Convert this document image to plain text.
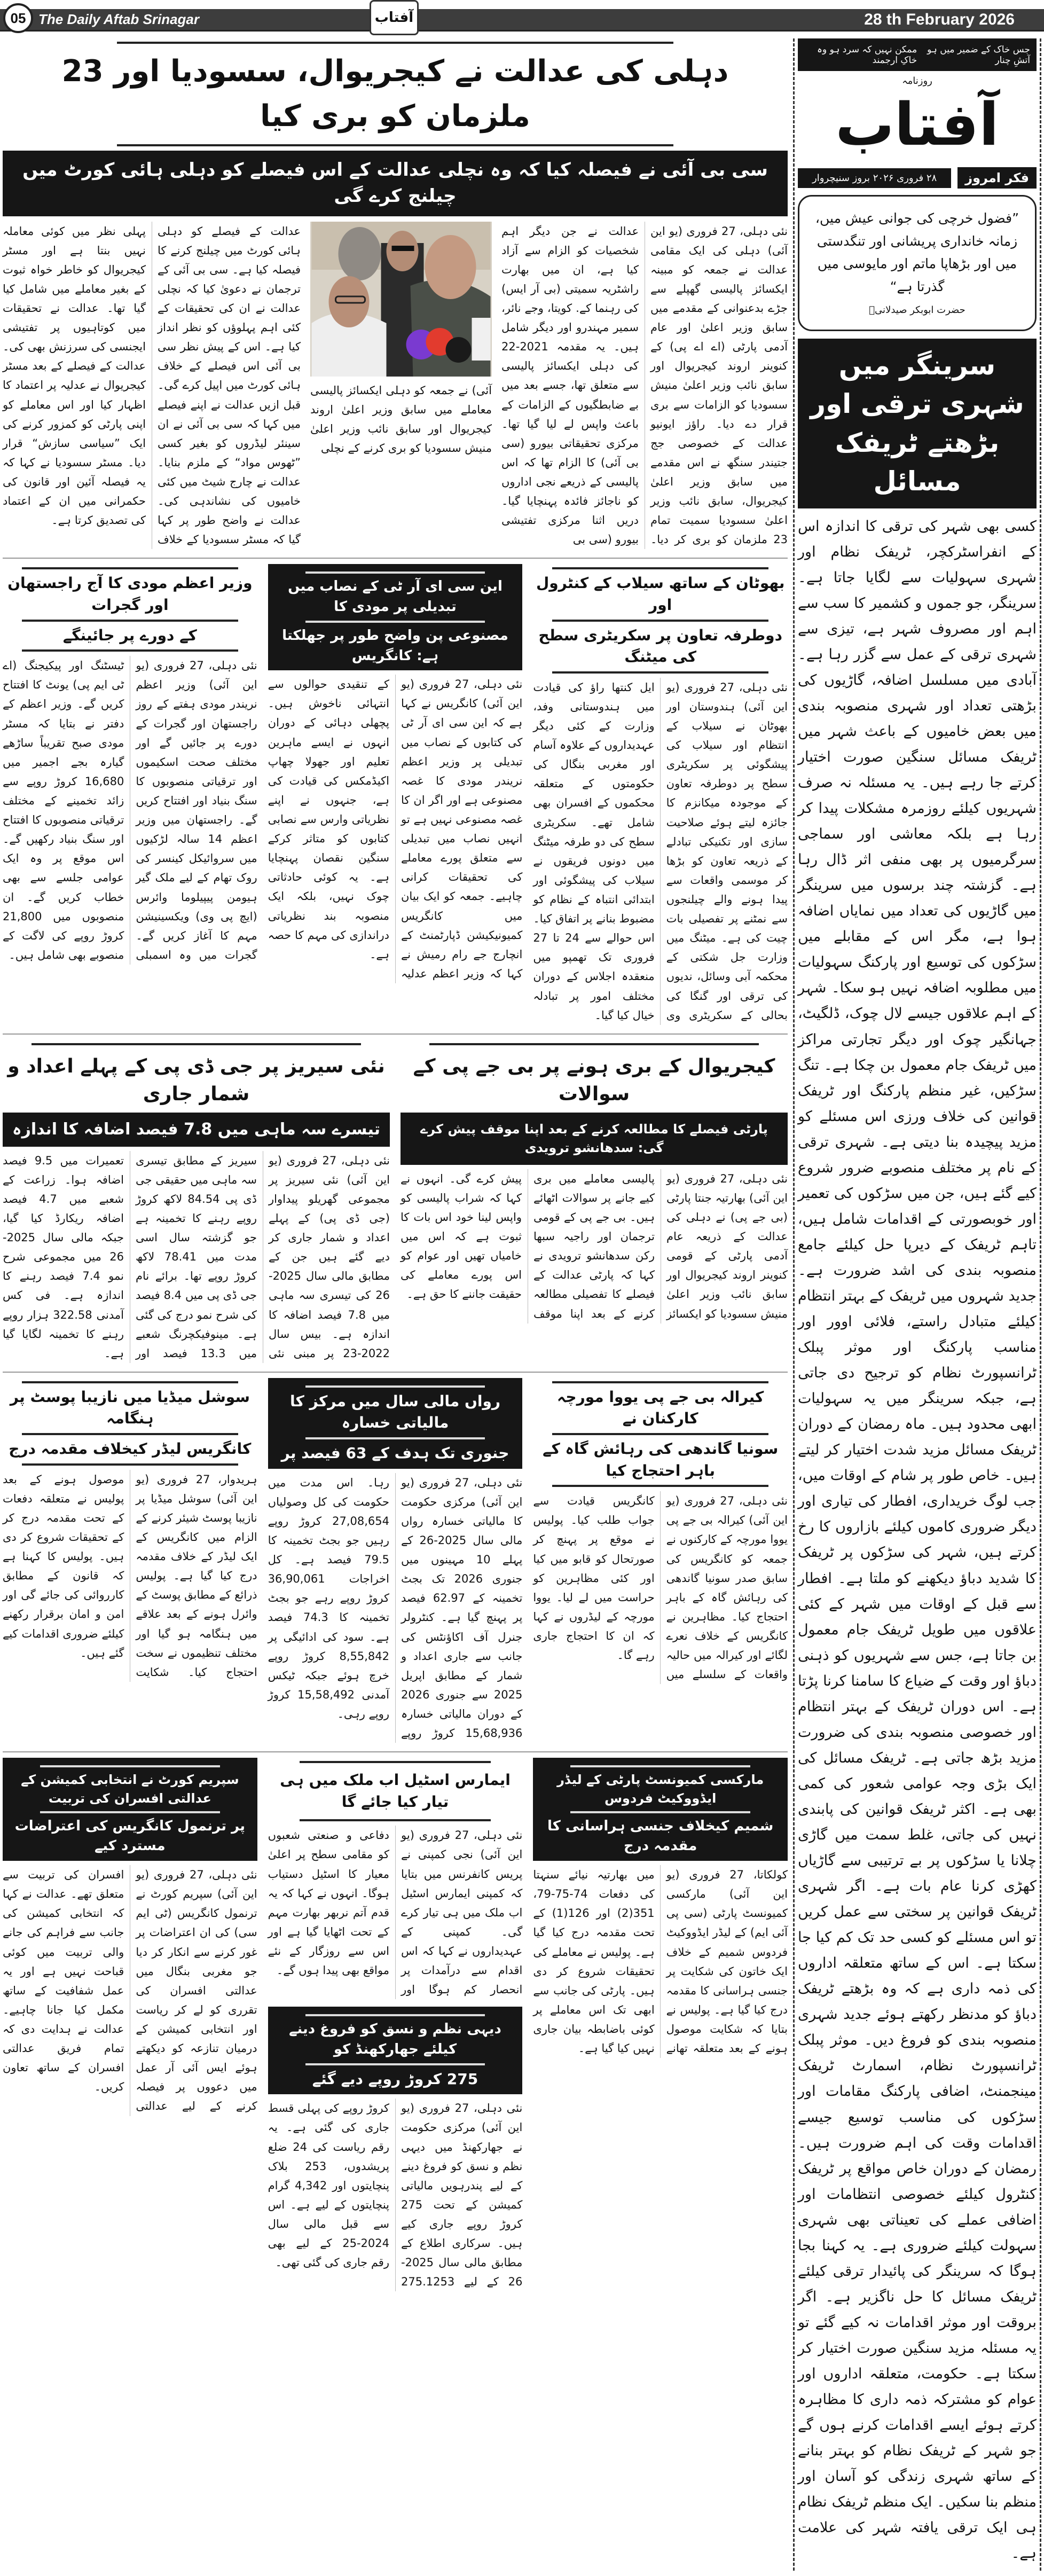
05 The Daily Aftab Srinagar	آفتاب	28 th February 2026
جس خاک کے ضمیر میں ہو آتشِ چنار
ممکن نہیں کہ سرد ہو وہ خاکِ ارجمند
روزنامہ
آفتاب
فکر امروز
۲۸ فروری ۲۰۲۶ بروز سنیچروار
”فضول خرچی کی جوانی عیش میں، زمانہ خانداری پریشانی اور تنگدستی میں اور بڑھاپا ماتم اور مایوسی میں گذرتا ہے“
حضرت ابوبکر صیدلانیؒ
سرینگر میں شہری ترقی اور
بڑھتے ٹریفک مسائل
کسی بھی شہر کی ترقی کا اندازہ اس کے انفراسٹرکچر، ٹریفک نظام اور شہری سہولیات سے لگایا جاتا ہے۔ سرینگر، جو جموں و کشمیر کا سب سے اہم اور مصروف شہر ہے، تیزی سے شہری ترقی کے عمل سے گزر رہا ہے۔ آبادی میں مسلسل اضافہ، گاڑیوں کی بڑھتی تعداد اور شہری منصوبہ بندی میں بعض خامیوں کے باعث شہر میں ٹریفک مسائل سنگین صورت اختیار کرتے جا رہے ہیں۔ یہ مسئلہ نہ صرف شہریوں کیلئے روزمرہ مشکلات پیدا کر رہا ہے بلکہ معاشی اور سماجی سرگرمیوں پر بھی منفی اثر ڈال رہا ہے۔ گزشتہ چند برسوں میں سرینگر میں گاڑیوں کی تعداد میں نمایاں اضافہ ہوا ہے، مگر اس کے مقابلے میں سڑکوں کی توسیع اور پارکنگ سہولیات میں مطلوبہ اضافہ نہیں ہو سکا۔ شہر کے اہم علاقوں جیسے لال چوک، ڈلگیٹ، جہانگیر چوک اور دیگر تجارتی مراکز میں ٹریفک جام معمول بن چکا ہے۔ تنگ سڑکیں، غیر منظم پارکنگ اور ٹریفک قوانین کی خلاف ورزی اس مسئلے کو مزید پیچیدہ بنا دیتی ہے۔ شہری ترقی کے نام پر مختلف منصوبے ضرور شروع کیے گئے ہیں، جن میں سڑکوں کی تعمیر اور خوبصورتی کے اقدامات شامل ہیں، تاہم ٹریفک کے دیرپا حل کیلئے جامع منصوبہ بندی کی اشد ضرورت ہے۔ جدید شہروں میں ٹریفک کے بہتر انتظام کیلئے متبادل راستے، فلائی اوور اور مناسب پارکنگ اور موثر پبلک ٹرانسپورٹ نظام کو ترجیح دی جاتی ہے، جبکہ سرینگر میں یہ سہولیات ابھی محدود ہیں۔ ماہ رمضان کے دوران ٹریفک مسائل مزید شدت اختیار کر لیتے ہیں۔ خاص طور پر شام کے اوقات میں، جب لوگ خریداری، افطار کی تیاری اور دیگر ضروری کاموں کیلئے بازاروں کا رخ کرتے ہیں، شہر کی سڑکوں پر ٹریفک کا شدید دباؤ دیکھنے کو ملتا ہے۔ افطار سے قبل کے اوقات میں شہر کے کئی علاقوں میں طویل ٹریفک جام معمول بن جاتا ہے، جس سے شہریوں کو ذہنی دباؤ اور وقت کے ضیاع کا سامنا کرنا پڑتا ہے۔ اس دوران ٹریفک کے بہتر انتظام اور خصوصی منصوبہ بندی کی ضرورت مزید بڑھ جاتی ہے۔ ٹریفک مسائل کی ایک بڑی وجہ عوامی شعور کی کمی بھی ہے۔ اکثر ٹریفک قوانین کی پابندی نہیں کی جاتی، غلط سمت میں گاڑی چلانا یا سڑکوں پر بے ترتیبی سے گاڑیاں کھڑی کرنا عام بات ہے۔ اگر شہری ٹریفک قوانین پر سختی سے عمل کریں تو اس مسئلے کو کسی حد تک کم کیا جا سکتا ہے۔ اس کے ساتھ متعلقہ اداروں کی ذمہ داری ہے کہ وہ بڑھتے ٹریفک دباؤ کو مدنظر رکھتے ہوئے جدید شہری منصوبہ بندی کو فروغ دیں۔ موثر پبلک ٹرانسپورٹ نظام، اسمارٹ ٹریفک مینجمنٹ، اضافی پارکنگ مقامات اور سڑکوں کی مناسب توسیع جیسے اقدامات وقت کی اہم ضرورت ہیں۔ رمضان کے دوران خاص مواقع پر ٹریفک کنٹرول کیلئے خصوصی انتظامات اور اضافی عملے کی تعیناتی بھی شہری سہولت کیلئے ضروری ہے۔ یہ کہنا بجا ہوگا کہ سرینگر کی پائیدار ترقی کیلئے ٹریفک مسائل کا حل ناگزیر ہے۔ اگر بروقت اور موثر اقدامات نہ کیے گئے تو یہ مسئلہ مزید سنگین صورت اختیار کر سکتا ہے۔ حکومت، متعلقہ اداروں اور عوام کو مشترکہ ذمہ داری کا مظاہرہ کرتے ہوئے ایسے اقدامات کرنے ہوں گے جو شہر کے ٹریفک نظام کو بہتر بنانے کے ساتھ شہری زندگی کو آسان اور منظم بنا سکیں۔ ایک منظم ٹریفک نظام ہی ایک ترقی یافتہ شہر کی علامت ہے۔
دہلی کی عدالت نے کیجریوال، سسودیا اور 23 ملزمان کو بری کیا
سی بی آئی نے فیصلہ کیا کہ وہ نچلی عدالت کے اس فیصلے کو دہلی ہائی کورٹ میں چیلنج کرے گی
نئی دہلی، 27 فروری (یو این آئی) دہلی کی ایک مقامی عدالت نے جمعہ کو مبینہ ایکسائز پالیسی گھپلے سے جڑے بدعنوانی کے مقدمے میں سابق وزیر اعلیٰ اور عام آدمی پارٹی (اے اے پی) کے کنوینر اروند کیجریوال اور سابق نائب وزیر اعلیٰ منیش سسودیا کو الزامات سے بری قرار دے دیا۔ راؤز ایونیو عدالت کے خصوصی جج جتیندر سنگھ نے اس مقدمے میں سابق وزیر اعلیٰ کیجریوال، سابق نائب وزیر اعلیٰ سسودیا سمیت تمام 23 ملزمان کو بری کر دیا۔ عدالت نے جن دیگر اہم شخصیات کو الزام سے آزاد کیا ہے، ان میں بھارت راشٹریہ سمیتی (بی آر ایس) کی رہنما کے. کویتا، وجے نائر، سمیر مہندرو اور دیگر شامل ہیں۔ یہ مقدمہ 2021-22 کی دہلی ایکسائز پالیسی سے متعلق تھا، جسے بعد میں بے ضابطگیوں کے الزامات کے باعث واپس لے لیا گیا تھا۔ مرکزی تحقیقاتی بیورو (سی بی آئی) کا الزام تھا کہ اس پالیسی کے ذریعے نجی اداروں کو ناجائز فائدہ پہنچایا گیا۔ دریں اثنا مرکزی تفتیشی بیورو (سی بی
آئی) نے جمعہ کو دہلی ایکسائز پالیسی معاملے میں سابق وزیر اعلیٰ اروند کیجریوال اور سابق نائب وزیر اعلیٰ منیش سسودیا کو بری کرنے کے نچلی
عدالت کے فیصلے کو دہلی ہائی کورٹ میں چیلنج کرنے کا فیصلہ کیا ہے۔ سی بی آئی کے ترجمان نے دعویٰ کیا کہ نچلی عدالت نے ان کی تحقیقات کے کئی اہم پہلوؤں کو نظر انداز کیا ہے۔ اس کے پیش نظر سی بی آئی اس فیصلے کے خلاف ہائی کورٹ میں اپیل کرے گی۔ قبل ازیں عدالت نے اپنے فیصلے میں کہا کہ سی بی آئی نے ان سینئر لیڈروں کو بغیر کسی ”ٹھوس مواد“ کے ملزم بنایا۔ عدالت نے چارج شیٹ میں کئی خامیوں کی نشاندہی کی۔ عدالت نے واضح طور پر کہا گیا کہ مسٹر سسودیا کے خلاف پہلی نظر میں کوئی معاملہ نہیں بنتا ہے اور مسٹر کیجریوال کو خاطر خواہ ثبوت کے بغیر معاملے میں شامل کیا گیا تھا۔ عدالت نے تحقیقات میں کوتاہیوں پر تفتیشی ایجنسی کی سرزنش بھی کی۔ عدالت کے فیصلے کے بعد مسٹر کیجریوال نے عدلیہ پر اعتماد کا اظہار کیا اور اس معاملے کو اپنی پارٹی کو کمزور کرنے کی ایک ”سیاسی سازش“ قرار دیا۔ مسٹر سسودیا نے کہا کہ یہ فیصلہ آئین اور قانون کی حکمرانی میں ان کے اعتماد کی تصدیق کرتا ہے۔
بھوٹان کے ساتھ سیلاب کے کنٹرول اور
دوطرفہ تعاون پر سکریٹری سطح کی میٹنگ
نئی دہلی، 27 فروری (یو این آئی) ہندوستان اور بھوٹان نے سیلاب کے انتظام اور سیلاب کی پیشگوئی پر سکریٹری سطح پر دوطرفہ تعاون کے موجودہ میکانزم کا جائزہ لیتے ہوئے صلاحیت سازی اور تکنیکی تبادلے کے ذریعہ تعاون کو بڑھا کر موسمی واقعات سے پیدا ہونے والے چیلنجوں سے نمٹنے پر تفصیلی بات چیت کی ہے۔ میٹنگ میں وزارت جل شکتی کے محکمہ آبی وسائل، ندیوں کی ترقی اور گنگا کی بحالی کے سکریٹری وی ایل کنتھا راؤ کی قیادت میں ہندوستانی وفد، وزارت کے کئی دیگر عہدیداروں کے علاوہ آسام اور مغربی بنگال کی حکومتوں کے متعلقہ محکموں کے افسران بھی شامل تھے۔ سکریٹری سطح کی دو طرفہ میٹنگ میں دونوں فریقوں نے سیلاب کی پیشگوئی اور ابتدائی انتباہ کے نظام کو مضبوط بنانے پر اتفاق کیا۔ اس حوالے سے 24 تا 27 فروری تک تھمپو میں منعقدہ اجلاس کے دوران مختلف امور پر تبادلہ خیال کیا گیا۔
این سی ای آر ٹی کے نصاب میں تبدیلی پر مودی کا
مصنوعی پن واضح طور پر جھلکتا ہے: کانگریس
نئی دہلی، 27 فروری (یو این آئی) کانگریس نے کہا ہے کہ این سی ای آر ٹی کی کتابوں کے نصاب میں تبدیلی پر وزیر اعظم نریندر مودی کا غصہ مصنوعی ہے اور اگر ان کا غصہ مصنوعی نہیں ہے تو انہیں نصاب میں تبدیلی سے متعلق پورے معاملے کی تحقیقات کرانی چاہیے۔ جمعہ کو ایک بیان میں کانگریس کمیونیکیشن ڈپارٹمنٹ کے انچارج جے رام رمیش نے کہا کہ وزیر اعظم عدلیہ کے تنقیدی حوالوں سے انتہائی ناخوش ہیں۔ پچھلی دہائی کے دوران انہوں نے ایسے ماہرین تعلیم اور جھولا چھاپ اکیڈمکس کی قیادت کی ہے، جنہوں نے اپنے نظریاتی وارس سے نصابی کتابوں کو متاثر کرکے سنگین نقصان پہنچایا ہے۔ یہ کوئی حادثاتی چوک نہیں، بلکہ ایک منصوبہ بند نظریاتی دراندازی کی مہم کا حصہ ہے۔
وزیر اعظم مودی کا آج راجستھان اور گجرات
کے دورے پر جائینگے
نئی دہلی، 27 فروری (یو این آئی) وزیر اعظم نریندر مودی ہفتے کے روز راجستھان اور گجرات کے دورے پر جائیں گے اور مختلف صحت اسکیموں اور ترقیاتی منصوبوں کا سنگ بنیاد اور افتتاح کریں گے۔ راجستھان میں وزیر اعظم 14 سالہ لڑکیوں میں سروائیکل کینسر کی روک تھام کے لیے ملک گیر ہیومن پیپیلوما وائرس (ایچ پی وی) ویکسینیشن مہم کا آغاز کریں گے۔ گجرات میں وہ اسمبلی ٹیسٹنگ اور پیکیجنگ (اے ٹی ایم پی) یونٹ کا افتتاح کریں گے۔ وزیر اعظم کے دفتر نے بتایا کہ مسٹر مودی صبح تقریباً ساڑھے گیارہ بجے اجمیر میں 16,680 کروڑ روپے سے زائد تخمینے کے مختلف ترقیاتی منصوبوں کا افتتاح اور سنگ بنیاد رکھیں گے۔ اس موقع پر وہ ایک عوامی جلسے سے بھی خطاب کریں گے۔ ان منصوبوں میں 21,800 کروڑ روپے کی لاگت کے منصوبے بھی شامل ہیں۔
کیجریوال کے بری ہونے پر بی جے پی کے سوالات
پارٹی فیصلے کا مطالعہ کرنے کے بعد اپنا موقف پیش کرے گی: سدھانشو ترویدی
نئی دہلی، 27 فروری (یو این آئی) بھارتیہ جنتا پارٹی (بی جے پی) نے دہلی کی عدالت کے ذریعہ عام آدمی پارٹی کے قومی کنوینر اروند کیجریوال اور سابق نائب وزیر اعلیٰ منیش سسودیا کو ایکسائز پالیسی معاملے میں بری کیے جانے پر سوالات اٹھائے ہیں۔ بی جے پی کے قومی ترجمان اور راجیہ سبھا رکن سدھانشو ترویدی نے کہا کہ پارٹی عدالت کے فیصلے کا تفصیلی مطالعہ کرنے کے بعد اپنا موقف پیش کرے گی۔ انہوں نے کہا کہ شراب پالیسی کو واپس لینا خود اس بات کا ثبوت ہے کہ اس میں خامیاں تھیں اور عوام کو اس پورے معاملے کی حقیقت جاننے کا حق ہے۔
نئی سیریز پر جی ڈی پی کے پہلے اعداد و شمار جاری
تیسرے سہ ماہی میں 7.8 فیصد اضافہ کا اندازہ
نئی دہلی، 27 فروری (یو این آئی) نئی سیریز پر مجموعی گھریلو پیداوار (جی ڈی پی) کے پہلے اعداد و شمار جاری کر دیے گئے ہیں جن کے مطابق مالی سال 2025-26 کی تیسری سہ ماہی میں 7.8 فیصد اضافہ کا اندازہ ہے۔ بیس سال 2022-23 پر مبنی نئی سیریز کے مطابق تیسری سہ ماہی میں حقیقی جی ڈی پی 84.54 لاکھ کروڑ روپے رہنے کا تخمینہ ہے جو گزشتہ سال اسی مدت میں 78.41 لاکھ کروڑ روپے تھا۔ برائے نام جی ڈی پی میں 8.4 فیصد کی شرح نمو درج کی گئی ہے۔ مینوفیکچرنگ شعبے میں 13.3 فیصد اور تعمیرات میں 9.5 فیصد اضافہ ہوا۔ زراعت کے شعبے میں 4.7 فیصد اضافہ ریکارڈ کیا گیا، جبکہ مالی سال 2025-26 میں مجموعی شرح نمو 7.4 فیصد رہنے کا اندازہ ہے۔ فی کس آمدنی 322.58 ہزار روپے رہنے کا تخمینہ لگایا گیا ہے۔
کیرالہ بی جے پی یووا مورچہ کارکنان نے
سونیا گاندھی کی رہائش گاہ کے باہر احتجاج کیا
نئی دہلی، 27 فروری (یو این آئی) کیرالہ بی جے پی یووا مورچہ کے کارکنوں نے جمعہ کو کانگریس کی سابق صدر سونیا گاندھی کی رہائش گاہ کے باہر احتجاج کیا۔ مظاہرین نے کانگریس کے خلاف نعرے لگائے اور کیرالہ میں حالیہ واقعات کے سلسلے میں کانگریس قیادت سے جواب طلب کیا۔ پولیس نے موقع پر پہنچ کر صورتحال کو قابو میں کیا اور کئی مظاہرین کو حراست میں لے لیا۔ یووا مورچہ کے لیڈروں نے کہا کہ ان کا احتجاج جاری رہے گا۔
رواں مالی سال میں مرکز کا مالیاتی خسارہ
جنوری تک ہدف کے 63 فیصد پر
نئی دہلی، 27 فروری (یو این آئی) مرکزی حکومت کا مالیاتی خسارہ رواں مالی سال 2025-26 کے پہلے 10 مہینوں میں جنوری 2026 تک بجٹ تخمینہ کے 62.97 فیصد پر پہنچ گیا ہے۔ کنٹرولر جنرل آف اکاؤنٹس کی جانب سے جاری اعداد و شمار کے مطابق اپریل 2025 سے جنوری 2026 کے دوران مالیاتی خسارہ 15,68,936 کروڑ روپے رہا۔ اس مدت میں حکومت کی کل وصولیاں 27,08,654 کروڑ روپے رہیں جو بجٹ تخمینہ کا 79.5 فیصد ہے۔ کل اخراجات 36,90,061 کروڑ روپے رہے جو بجٹ تخمینہ کا 74.3 فیصد ہے۔ سود کی ادائیگی پر 8,55,842 کروڑ روپے خرچ ہوئے جبکہ ٹیکس آمدنی 15,58,492 کروڑ روپے رہی۔
سوشل میڈیا میں نازیبا پوسٹ پر ہنگامہ
کانگریس لیڈر کیخلاف مقدمہ درج
ہریدوار، 27 فروری (یو این آئی) سوشل میڈیا پر نازیبا پوسٹ شیئر کرنے کے الزام میں کانگریس کے ایک لیڈر کے خلاف مقدمہ درج کیا گیا ہے۔ پولیس ذرائع کے مطابق پوسٹ کے وائرل ہونے کے بعد علاقے میں ہنگامہ ہو گیا اور مختلف تنظیموں نے سخت احتجاج کیا۔ شکایت موصول ہونے کے بعد پولیس نے متعلقہ دفعات کے تحت مقدمہ درج کر کے تحقیقات شروع کر دی ہیں۔ پولیس کا کہنا ہے کہ قانون کے مطابق کارروائی کی جائے گی اور امن و امان برقرار رکھنے کیلئے ضروری اقدامات کیے گئے ہیں۔
مارکسی کمیونسٹ پارٹی کے لیڈر ایڈووکیٹ فردوس
شمیم کیخلاف جنسی ہراسانی کا مقدمہ درج
کولکاتا، 27 فروری (یو این آئی) مارکسی کمیونسٹ پارٹی (سی پی آئی ایم) کے لیڈر ایڈووکیٹ فردوس شمیم کے خلاف ایک خاتون کی شکایت پر جنسی ہراسانی کا مقدمہ درج کیا گیا ہے۔ پولیس نے بتایا کہ شکایت موصول ہونے کے بعد متعلقہ تھانے میں بھارتیہ نیائے سنہتا کی دفعات 74-75-79، 351(2) اور 126(1) کے تحت مقدمہ درج کیا گیا ہے۔ پولیس نے معاملے کی تحقیقات شروع کر دی ہیں۔ پارٹی کی جانب سے ابھی تک اس معاملے پر کوئی باضابطہ بیان جاری نہیں کیا گیا ہے۔
ایمارس اسٹیل اب ملک میں ہی تیار کیا جائے گا
نئی دہلی، 27 فروری (یو این آئی) نجی کمپنی نے پریس کانفرنس میں بتایا کہ کمپنی ایمارس اسٹیل اب ملک میں ہی تیار کرے گی۔ کمپنی کے عہدیداروں نے کہا کہ اس اقدام سے درآمدات پر انحصار کم ہوگا اور دفاعی و صنعتی شعبوں کو مقامی سطح پر اعلیٰ معیار کا اسٹیل دستیاب ہوگا۔ انہوں نے کہا کہ یہ قدم آتم نربھر بھارت مہم کے تحت اٹھایا گیا ہے اور اس سے روزگار کے نئے مواقع بھی پیدا ہوں گے۔
دیہی نظم و نسق کو فروغ دینے کیلئے جھارکھنڈ کو
275 کروڑ روپے دیے گئے
نئی دہلی، 27 فروری (یو این آئی) مرکزی حکومت نے جھارکھنڈ میں دیہی نظم و نسق کو فروغ دینے کے لیے پندرہویں مالیاتی کمیشن کے تحت 275 کروڑ روپے جاری کیے ہیں۔ سرکاری اطلاع کے مطابق مالی سال 2025-26 کے لیے 275.1253 کروڑ روپے کی پہلی قسط جاری کی گئی ہے۔ یہ رقم ریاست کی 24 ضلع پریشدوں، 253 بلاک پنچایتوں اور 4,342 گرام پنچایتوں کے لیے ہے۔ اس سے قبل مالی سال 2024-25 کے لیے بھی رقم جاری کی گئی تھی۔
سپریم کورٹ نے انتخابی کمیشن کے عدالتی افسران کی تربیت
پر ترنمول کانگریس کی اعتراضات مسترد کیے
نئی دہلی، 27 فروری (یو این آئی) سپریم کورٹ نے ترنمول کانگریس (ٹی ایم سی) کی ان اعتراضات پر غور کرنے سے انکار کر دیا جو مغربی بنگال میں عدالتی افسران کی تقرری کو لے کر ریاست اور انتخابی کمیشن کے درمیان تنازعہ کو دیکھتے ہوئے ایس آئی آر عمل میں دعووں پر فیصلہ کرنے کے لیے عدالتی افسران کی تربیت سے متعلق تھے۔ عدالت نے کہا کہ انتخابی کمیشن کی جانب سے فراہم کی جانے والی تربیت میں کوئی قباحت نہیں ہے اور یہ عمل شفافیت کے ساتھ مکمل کیا جانا چاہیے۔ عدالت نے ہدایت دی کہ تمام فریق عدالتی افسران کے ساتھ تعاون کریں۔
